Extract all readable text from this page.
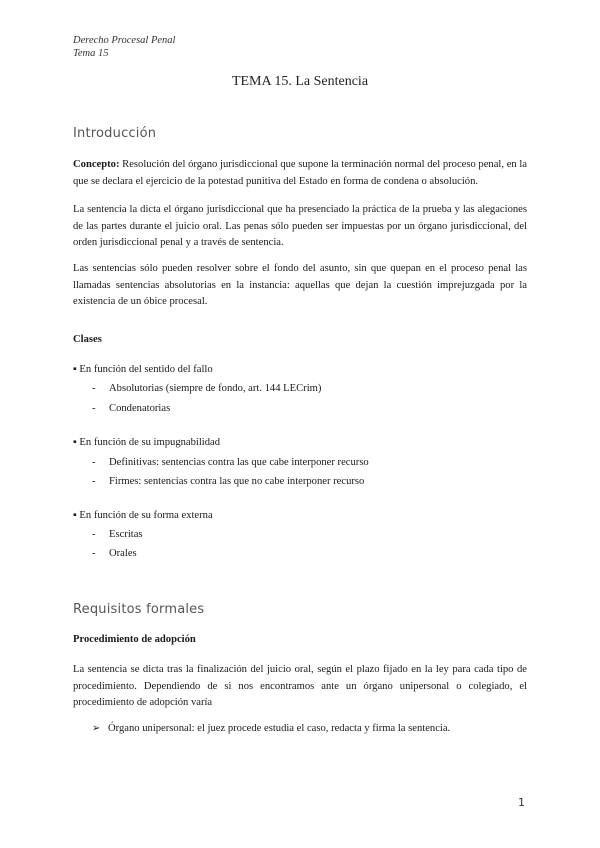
Derecho Procesal Penal
Tema 15
TEMA 15. La Sentencia
Introducción
Concepto: Resolución del órgano jurisdiccional que supone la terminación normal del proceso penal, en la que se declara el ejercicio de la potestad punitiva del Estado en forma de condena o absolución.
La sentencia la dicta el órgano jurisdiccional que ha presenciado la práctica de la prueba y las alegaciones de las partes durante el juicio oral. Las penas sólo pueden ser impuestas por un órgano jurisdiccional, del orden jurisdiccional penal y a través de sentencia.
Las sentencias sólo pueden resolver sobre el fondo del asunto, sin que quepan en el proceso penal las llamadas sentencias absolutorias en la instancia: aquellas que dejan la cuestión imprejuzgada por la existencia de un óbice procesal.
Clases
▪ En función del sentido del fallo
- Absolutorias (siempre de fondo, art. 144 LECrim)
- Condenatorias
▪ En función de su impugnabilidad
- Definitivas: sentencias contra las que cabe interponer recurso
- Firmes: sentencias contra las que no cabe interponer recurso
▪ En función de su forma externa
- Escritas
- Orales
Requisitos formales
Procedimiento de adopción
La sentencia se dicta tras la finalización del juicio oral, según el plazo fijado en la ley para cada tipo de procedimiento. Dependiendo de si nos encontramos ante un órgano unipersonal o colegiado, el procedimiento de adopción varía
➢ Órgano unipersonal: el juez procede estudia el caso, redacta y firma la sentencia.
1
